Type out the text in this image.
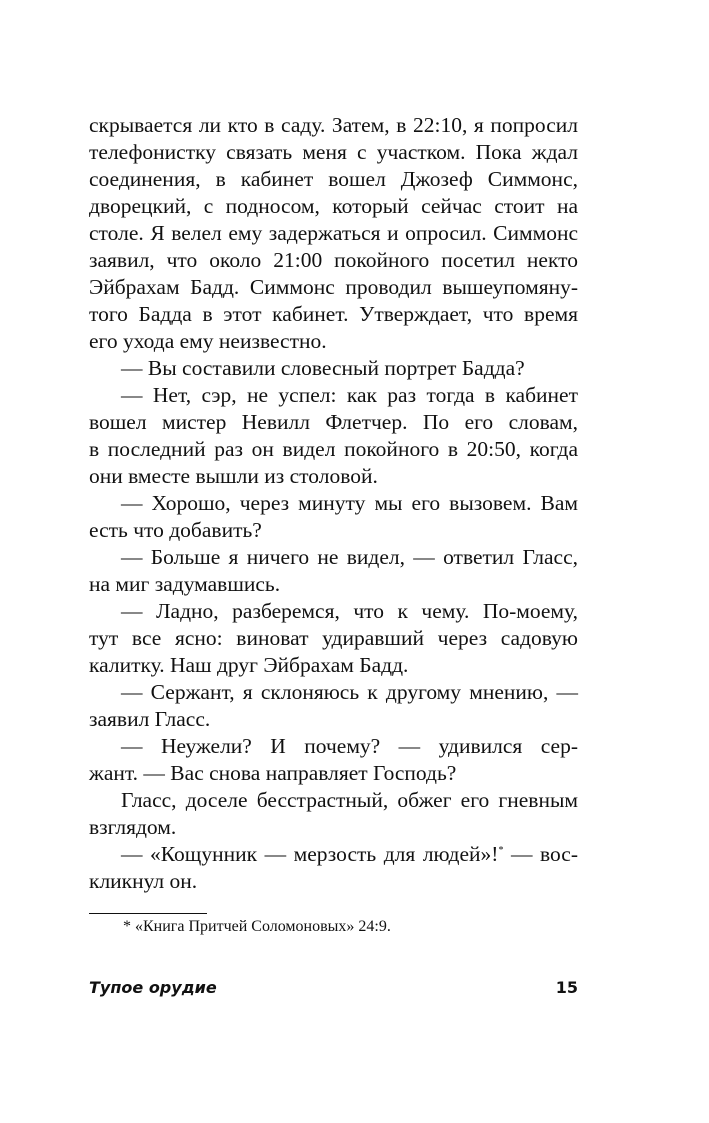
скрывается ли кто в саду. Затем, в 22:10, я попросил
телефонистку связать меня с участком. Пока ждал
соединения, в кабинет вошел Джозеф Симмонс,
дворецкий, с подносом, который сейчас стоит на
столе. Я велел ему задержаться и опросил. Симмонс
заявил, что около 21:00 покойного посетил некто
Эйбрахам Бадд. Симмонс проводил вышеупомяну-
того Бадда в этот кабинет. Утверждает, что время
его ухода ему неизвестно.
— Вы составили словесный портрет Бадда?
— Нет, сэр, не успел: как раз тогда в кабинет
вошел мистер Невилл Флетчер. По его словам,
в последний раз он видел покойного в 20:50, когда
они вместе вышли из столовой.
— Хорошо, через минуту мы его вызовем. Вам
есть что добавить?
— Больше я ничего не видел, — ответил Гласс,
на миг задумавшись.
— Ладно, разберемся, что к чему. По-моему,
тут все ясно: виноват удиравший через садовую
калитку. Наш друг Эйбрахам Бадд.
— Сержант, я склоняюсь к другому мнению, —
заявил Гласс.
— Неужели? И почему? — удивился сер-
жант. — Вас снова направляет Господь?
Гласс, доселе бесстрастный, обжег его гневным
взглядом.
— «Кощунник — мерзость для людей»!* — вос-
кликнул он.
* «Книга Притчей Соломоновых» 24:9.
Тупое орудие	15
